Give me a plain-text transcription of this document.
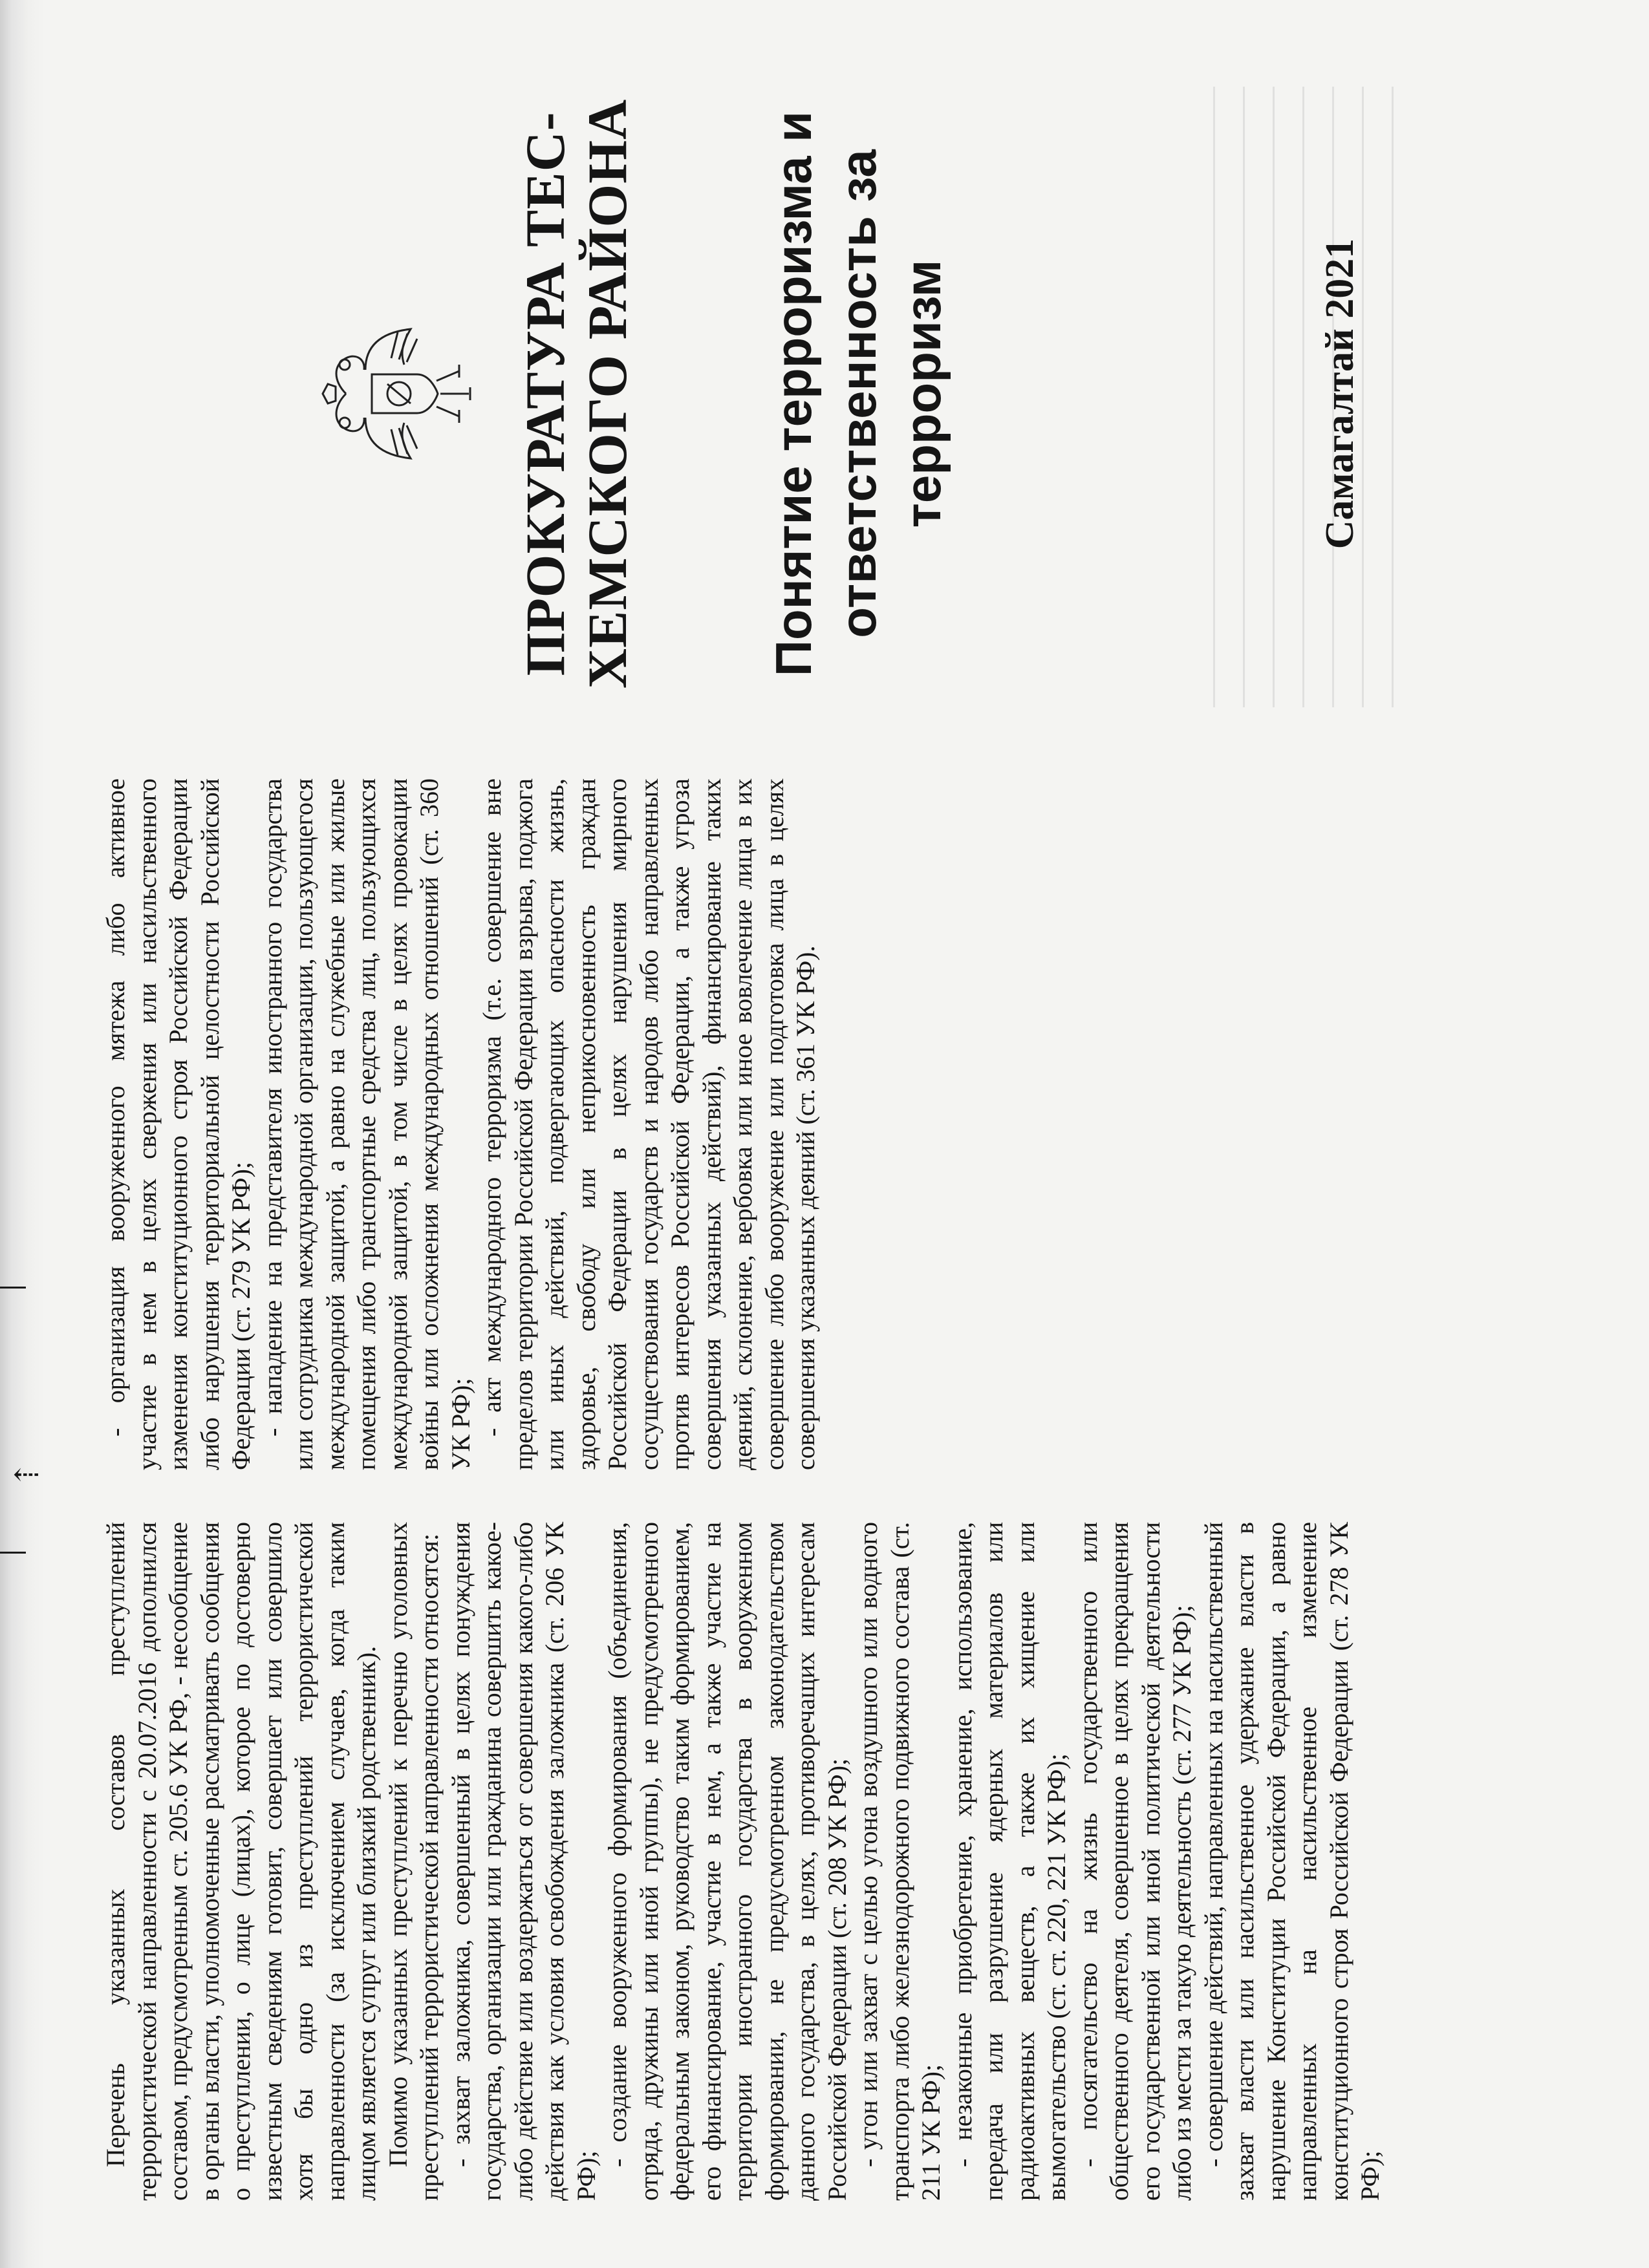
⇠

Перечень указанных составов преступлений террористической направленности с 20.07.2016 дополнился составом, предусмотренным ст. 205.6 УК РФ, - несообщение в органы власти, уполномоченные рассматривать сообщения о преступлении, о лице (лицах), которое по достоверно известным сведениям готовит, совершает или совершило хотя бы одно из преступлений террористической направленности (за исключением случаев, когда таким лицом является супруг или близкий родственник). Помимо указанных преступлений к перечню уголовных преступлений террористической направленности относятся: - захват заложника, совершенный в целях понуждения государства, организации или гражданина совершить какое-либо действие или воздержаться от совершения какого-либо действия как условия освобождения заложника (ст. 206 УК РФ);

- создание вооруженного формирования (объединения, отряда, дружины или иной группы), не предусмотренного федеральным законом, руководство таким формированием, его финансирование, участие в нем, а также участие на территории иностранного государства в вооруженном формировании, не предусмотренном законодательством данного государства, в целях, противоречащих интересам Российской Федерации (ст. 208 УК РФ); - угон или захват с целью угона воздушного или водного транспорта либо железнодорожного подвижного состава (ст. 211 УК РФ); - незаконные приобретение, хранение, использование, передача или разрушение ядерных материалов или радиоактивных веществ, а также их хищение или вымогательство (ст. ст. 220, 221 УК РФ); - посягательство на жизнь государственного или общественного деятеля, совершенное в целях прекращения его государственной или иной политической деятельности либо из мести за такую деятельность (ст. 277 УК РФ); - совершение действий, направленных на насильственный захват власти или насильственное удержание власти в нарушение Конституции Российской Федерации, а равно направленных на насильственное изменение конституционного строя Российской Федерации (ст. 278 УК РФ);

- организация вооруженного мятежа либо активное участие в нем в целях свержения или насильственного изменения конституционного строя Российской Федерации либо нарушения территориальной целостности Российской Федерации (ст. 279 УК РФ); - нападение на представителя иностранного государства или сотрудника международной организации, пользующегося международной защитой, а равно на служебные или жилые помещения либо транспортные средства лиц, пользующихся международной защитой, в том числе в целях провокации войны или осложнения международных отношений (ст. 360 УК РФ); - акт международного терроризма (т.е. совершение вне пределов территории Российской Федерации взрыва, поджога или иных действий, подвергающих опасности жизнь, здоровье, свободу или неприкосновенность граждан Российской Федерации в целях нарушения мирного сосуществования государств и народов либо направленных против интересов Российской Федерации, а также угроза совершения указанных действий), финансирование таких деяний, склонение, вербовка или иное вовлечение лица в их совершение либо вооружение или подготовка лица в целях совершения указанных деяний (ст. 361 УК РФ).

ПРОКУРАТУРА ТЕС-ХЕМСКОГО РАЙОНА	Понятие терроризма и ответственность за терроризм	Самагалтай 2021
